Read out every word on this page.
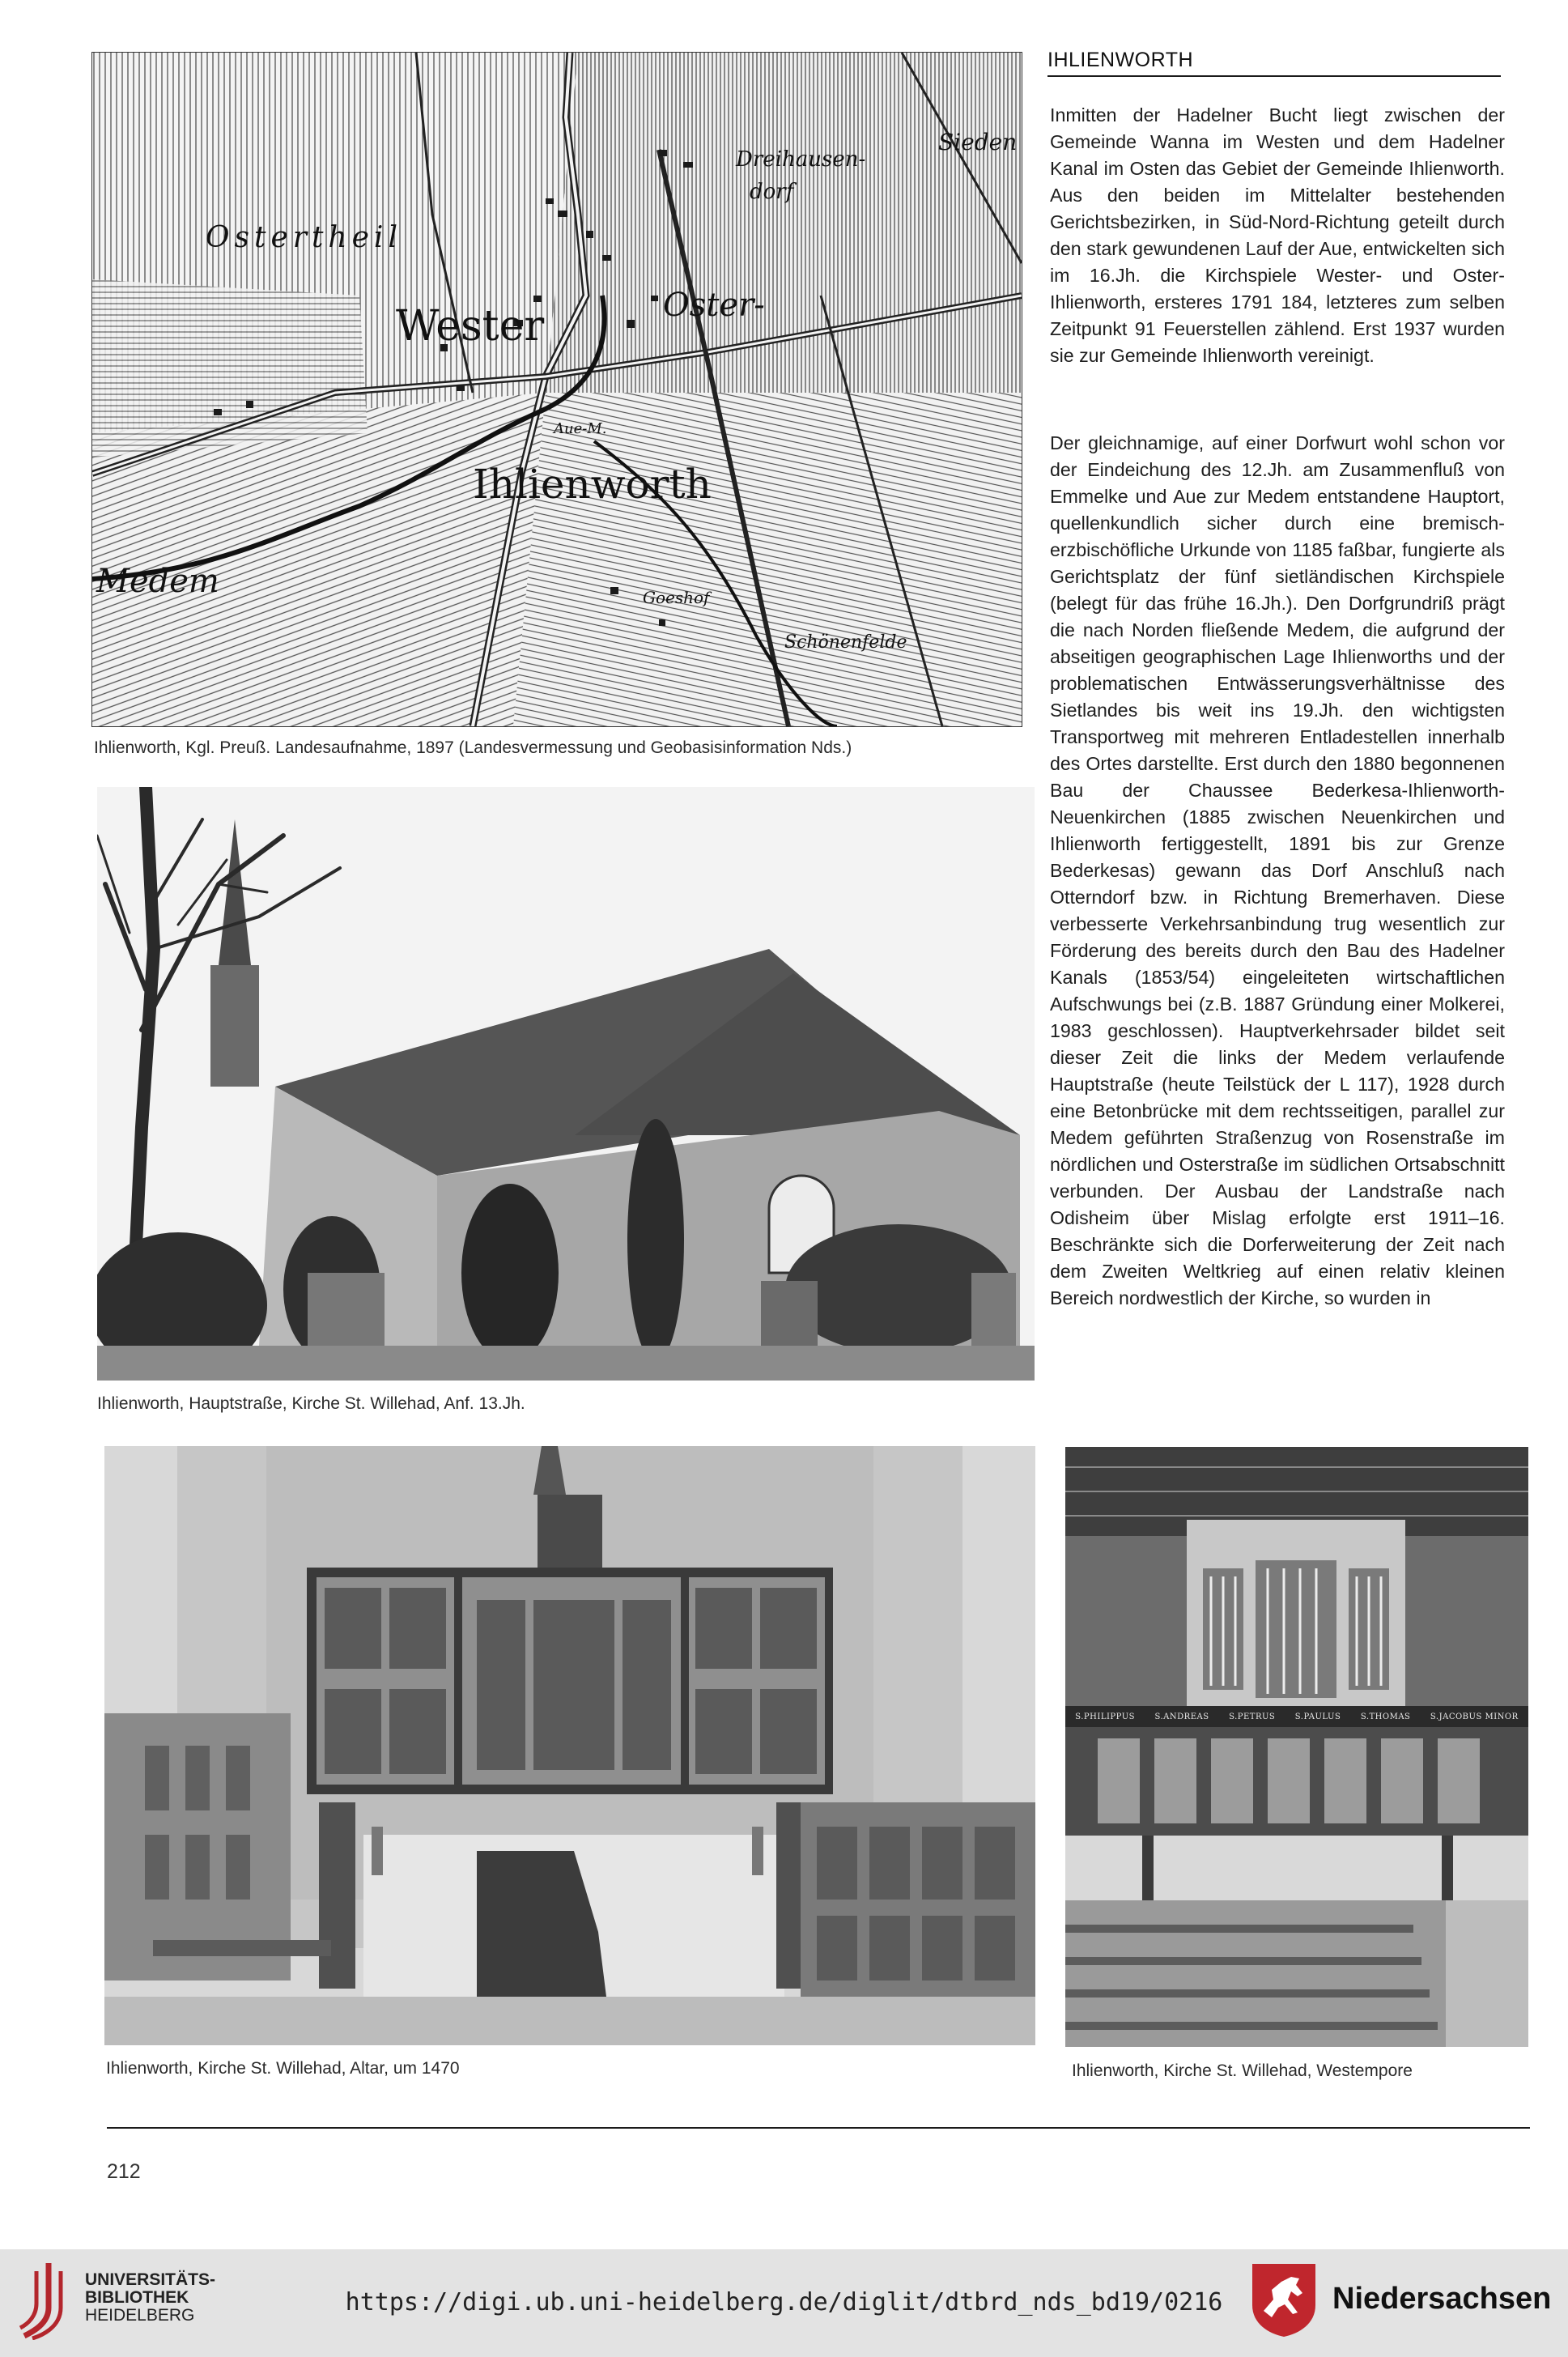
Ostertheil
Wester	Oster-
Ihlienworth
Medem
Dreihausen-
dorf
Sieden
Aue-M.
Goeshof
Schönenfelde
Ihlienworth, Kgl. Preuß. Landesaufnahme, 1897 (Landesvermessung und Geobasisinformation Nds.)
Ihlienworth, Hauptstraße, Kirche St. Willehad, Anf. 13.Jh.
Ihlienworth, Kirche St. Willehad, Altar, um 1470
S.PHILIPPUS S.ANDREAS S.PETRUS S.PAULUS S.THOMAS S.JACOBUS MINOR
Ihlienworth, Kirche St. Willehad, Westempore
IHLIENWORTH
Inmitten der Hadelner Bucht liegt zwischen der Gemeinde Wanna im Westen und dem Hadelner Kanal im Osten das Gebiet der Gemeinde Ihlienworth. Aus den beiden im Mittelalter bestehenden Gerichtsbezirken, in Süd-Nord-Richtung geteilt durch den stark gewundenen Lauf der Aue, entwickelten sich im 16.Jh. die Kirchspiele Wester- und Oster-Ihlienworth, ersteres 1791 184, letzteres zum selben Zeitpunkt 91 Feuerstellen zählend. Erst 1937 wurden sie zur Gemeinde Ihlienworth vereinigt.
Der gleichnamige, auf einer Dorfwurt wohl schon vor der Eindeichung des 12.Jh. am Zusammenfluß von Emmelke und Aue zur Medem entstandene Hauptort, quellenkundlich sicher durch eine bremisch-erzbischöfliche Urkunde von 1185 faßbar, fungierte als Gerichtsplatz der fünf sietländischen Kirchspiele (belegt für das frühe 16.Jh.). Den Dorfgrundriß prägt die nach Norden fließende Medem, die aufgrund der abseitigen geographischen Lage Ihlienworths und der problematischen Entwässerungsverhältnisse des Sietlandes bis weit ins 19.Jh. den wichtigsten Transportweg mit mehreren Entladestellen innerhalb des Ortes darstellte. Erst durch den 1880 begonnenen Bau der Chaussee Bederkesa-Ihlienworth-Neuenkirchen (1885 zwischen Neuenkirchen und Ihlienworth fertiggestellt, 1891 bis zur Grenze Bederkesas) gewann das Dorf Anschluß nach Otterndorf bzw. in Richtung Bremerhaven. Diese verbesserte Verkehrsanbindung trug wesentlich zur Förderung des bereits durch den Bau des Hadelner Kanals (1853/54) eingeleiteten wirtschaftlichen Aufschwungs bei (z.B. 1887 Gründung einer Molkerei, 1983 geschlossen). Hauptverkehrsader bildet seit dieser Zeit die links der Medem verlaufende Hauptstraße (heute Teilstück der L 117), 1928 durch eine Betonbrücke mit dem rechtsseitigen, parallel zur Medem geführten Straßenzug von Rosenstraße im nördlichen und Osterstraße im südlichen Ortsabschnitt verbunden. Der Ausbau der Landstraße nach Odisheim über Mislag erfolgte erst 1911–16. Beschränkte sich die Dorferweiterung der Zeit nach dem Zweiten Weltkrieg auf einen relativ kleinen Bereich nordwestlich der Kirche, so wurden in
212
UNIVERSITÄTS-
BIBLIOTHEK
HEIDELBERG	https://digi.ub.uni-heidelberg.de/diglit/dtbrd_nds_bd19/0216	Niedersachsen
